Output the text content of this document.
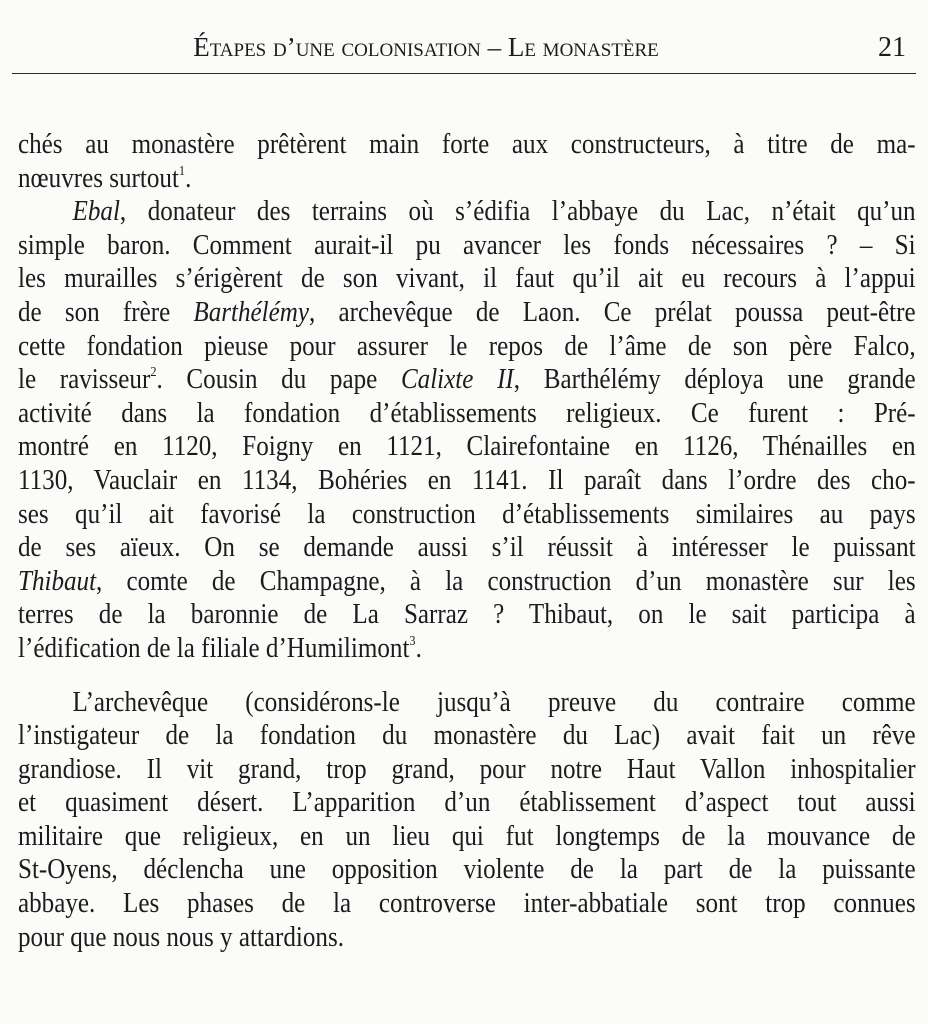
Étapes d’une colonisation – Le monastère	21
chés au monastère prêtèrent main forte aux constructeurs, à titre de ma-
nœuvres surtout$^1$.
Ebal, donateur des terrains où s’édifia l’abbaye du Lac, n’était qu’un
simple baron. Comment aurait-il pu avancer les fonds nécessaires ? – Si
les murailles s’érigèrent de son vivant, il faut qu’il ait eu recours à l’appui
de son frère Barthélémy, archevêque de Laon. Ce prélat poussa peut-être
cette fondation pieuse pour assurer le repos de l’âme de son père Falco,
le ravisseur$^2$. Cousin du pape Calixte II, Barthélémy déploya une grande
activité dans la fondation d’établissements religieux. Ce furent : Pré-
montré en 1120, Foigny en 1121, Clairefontaine en 1126, Thénailles en
1130, Vauclair en 1134, Bohéries en 1141. Il paraît dans l’ordre des cho-
ses qu’il ait favorisé la construction d’établissements similaires au pays
de ses aïeux. On se demande aussi s’il réussit à intéresser le puissant
Thibaut, comte de Champagne, à la construction d’un monastère sur les
terres de la baronnie de La Sarraz ? Thibaut, on le sait participa à
l’édification de la filiale d’Humilimont$^3$.
L’archevêque (considérons-le jusqu’à preuve du contraire comme
l’instigateur de la fondation du monastère du Lac) avait fait un rêve
grandiose. Il vit grand, trop grand, pour notre Haut Vallon inhospitalier
et quasiment désert. L’apparition d’un établissement d’aspect tout aussi
militaire que religieux, en un lieu qui fut longtemps de la mouvance de
St-Oyens, déclencha une opposition violente de la part de la puissante
abbaye. Les phases de la controverse inter-abbatiale sont trop connues
pour que nous nous y attardions.
